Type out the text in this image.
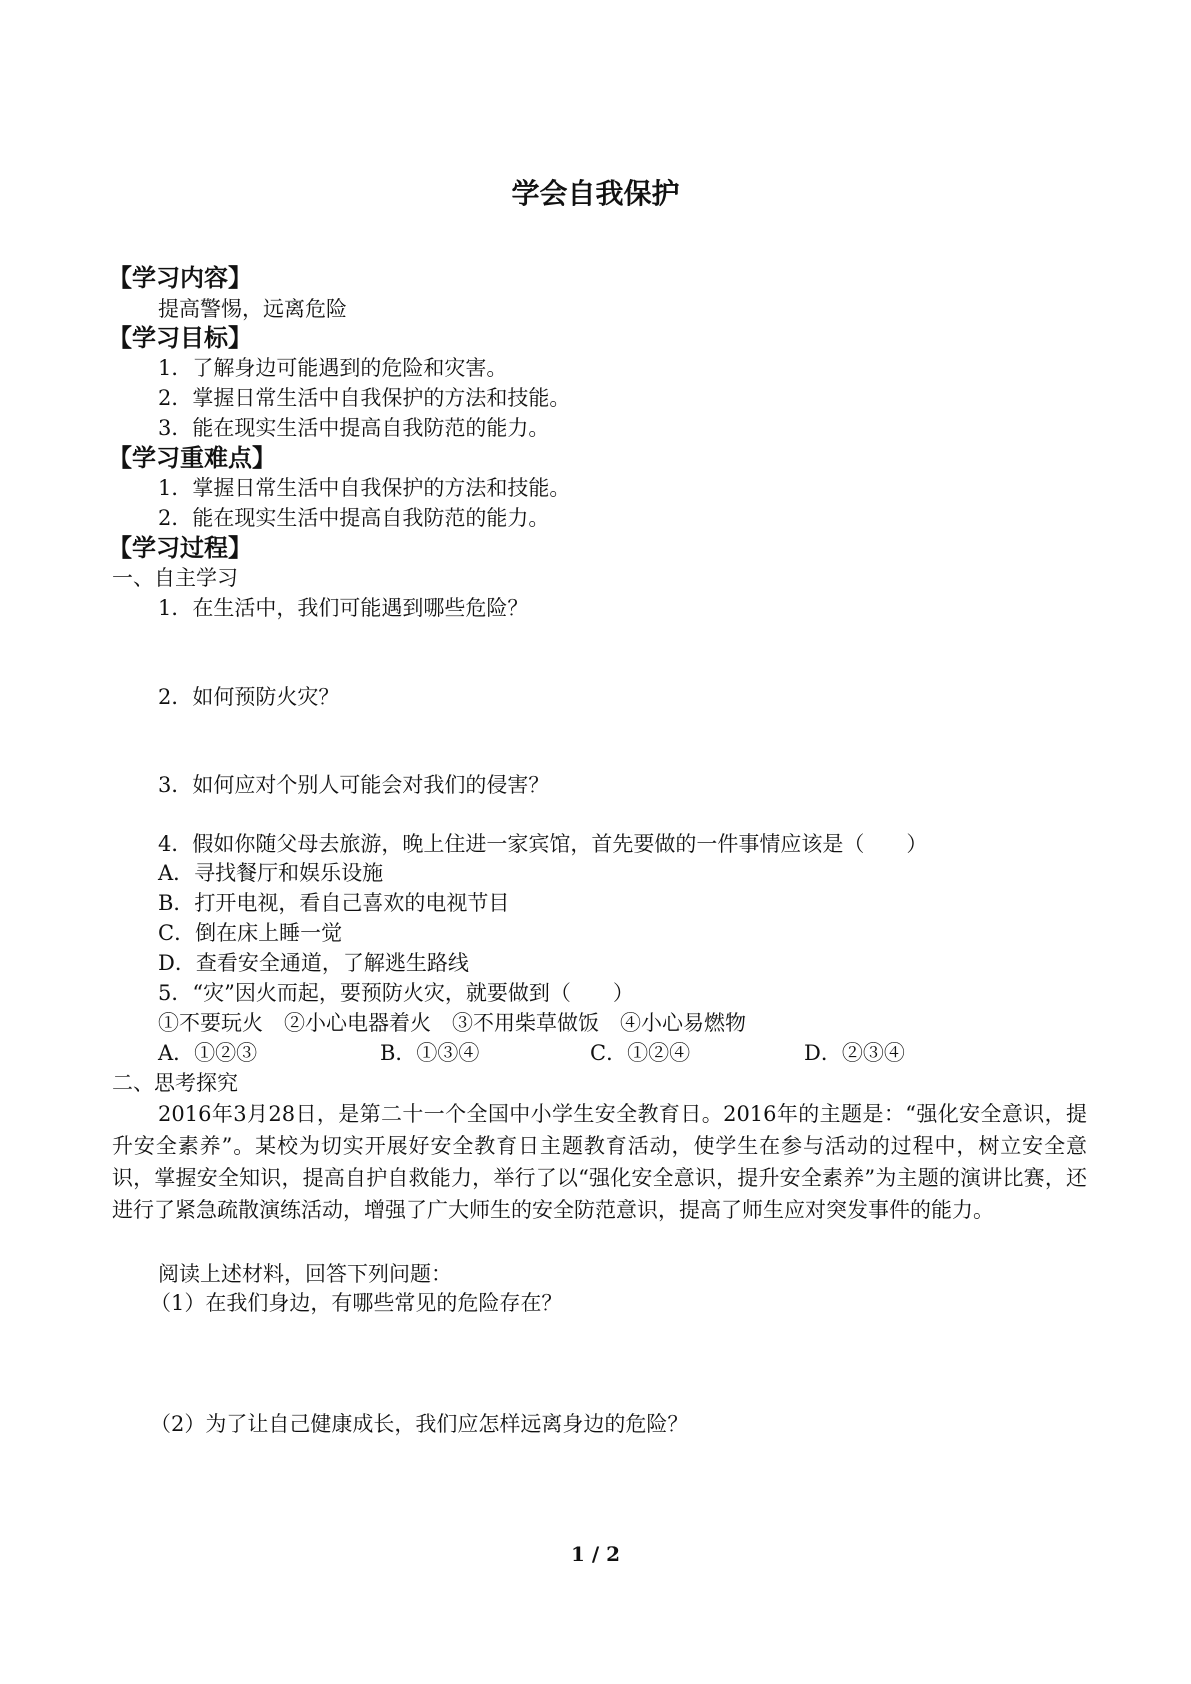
学会自我保护
【学习内容】
提高警惕，远离危险
【学习目标】
1．了解身边可能遇到的危险和灾害。
2．掌握日常生活中自我保护的方法和技能。
3．能在现实生活中提高自我防范的能力。
【学习重难点】
1．掌握日常生活中自我保护的方法和技能。
2．能在现实生活中提高自我防范的能力。
【学习过程】
一、自主学习
1．在生活中，我们可能遇到哪些危险？
2．如何预防火灾？
3．如何应对个别人可能会对我们的侵害？
4．假如你随父母去旅游，晚上住进一家宾馆，首先要做的一件事情应该是（　　）
A．寻找餐厅和娱乐设施
B．打开电视，看自己喜欢的电视节目
C．倒在床上睡一觉
D．查看安全通道，了解逃生路线
5．“灾”因火而起，要预防火灾，就要做到（　　）
①不要玩火　②小心电器着火　③不用柴草做饭　④小心易燃物
A．①②③	B．①③④	C．①②④	D．②③④
二、思考探究
2016年3月28日，是第二十一个全国中小学生安全教育日。2016年的主题是：“强化安全意识，提升安全素养”。某校为切实开展好安全教育日主题教育活动，使学生在参与活动的过程中，树立安全意识，掌握安全知识，提高自护自救能力，举行了以“强化安全意识，提升安全素养”为主题的演讲比赛，还进行了紧急疏散演练活动，增强了广大师生的安全防范意识，提高了师生应对突发事件的能力。
阅读上述材料，回答下列问题：
（1）在我们身边，有哪些常见的危险存在？
（2）为了让自己健康成长，我们应怎样远离身边的危险？
1 / 2
